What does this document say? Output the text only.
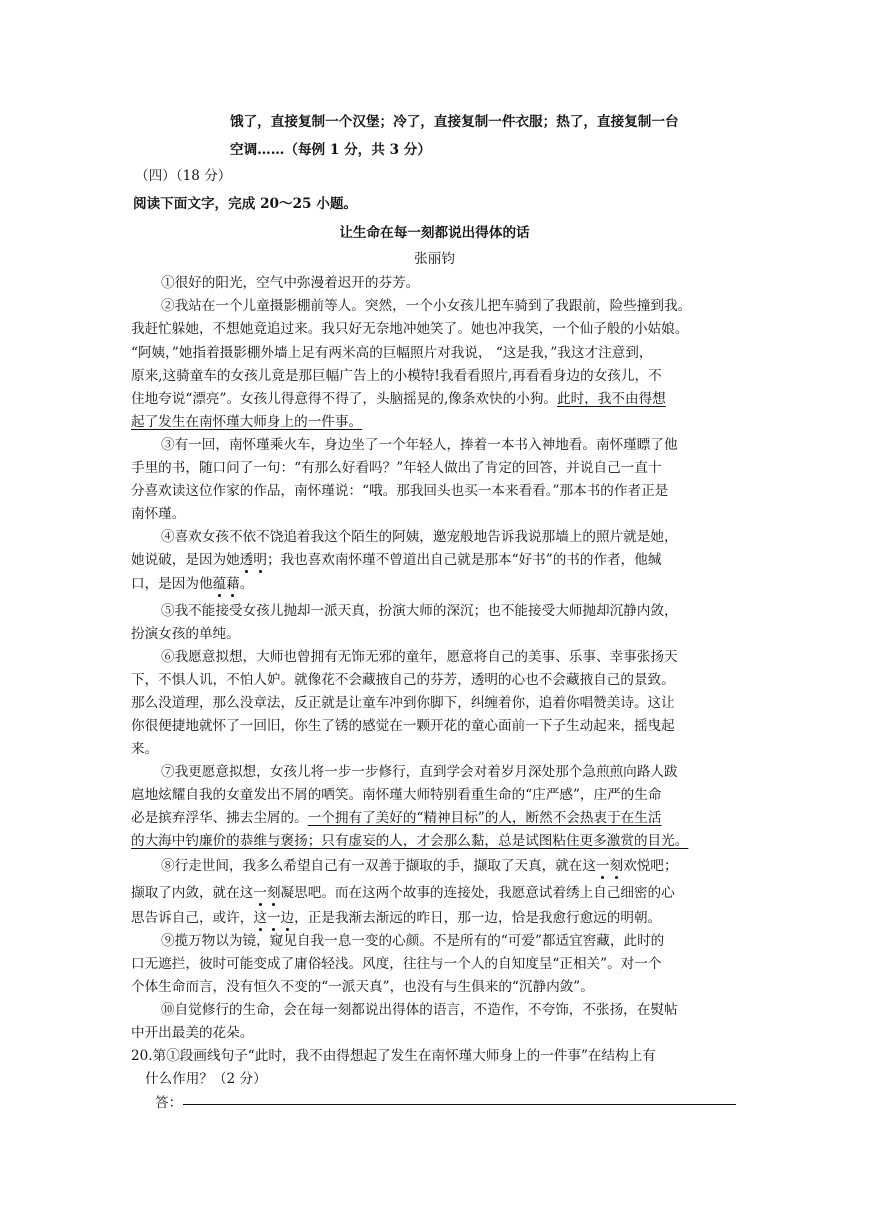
饿了，直接复制一个汉堡；冷了，直接复制一件衣服；热了，直接复制一台
空调……（每例 1 分，共 3 分）
（四）（18 分）
阅读下面文字，完成 20～25 小题。
让生命在每一刻都说出得体的话
张丽钧
①很好的阳光，空气中弥漫着迟开的芬芳。
②我站在一个儿童摄影棚前等人。突然，一个小女孩儿把车骑到了我跟前，险些撞到我。
我赶忙躲她，不想她竟追过来。我只好无奈地冲她笑了。她也冲我笑，一个仙子般的小姑娘。
“阿姨，”她指着摄影棚外墙上足有两米高的巨幅照片对我说， “这是我，”我这才注意到，
原来,这骑童车的女孩儿竟是那巨幅广告上的小模特!我看看照片,再看看身边的女孩儿，不
住地夸说“漂亮”。女孩儿得意得不得了，头脑摇晃的,像条欢快的小狗。此时，我不由得想
起了发生在南怀瑾大师身上的一件事。
③有一回，南怀瑾乘火车，身边坐了一个年轻人，捧着一本书入神地看。南怀瑾瞟了他
手里的书，随口问了一句：“有那么好看吗？”年轻人做出了肯定的回答，并说自己一直十
分喜欢读这位作家的作品，南怀瑾说：“哦。那我回头也买一本来看看。”那本书的作者正是
南怀瑾。
④喜欢女孩不依不饶追着我这个陌生的阿姨，邀宠般地告诉我说那墙上的照片就是她，
她说破，是因为她透明；我也喜欢南怀瑾不曾道出自己就是那本“好书”的书的作者，他缄
口，是因为他蕴藉。
⑤我不能接受女孩儿抛却一派天真，扮演大师的深沉；也不能接受大师抛却沉静内敛，
扮演女孩的单纯。
⑥我愿意拟想，大师也曾拥有无饰无邪的童年，愿意将自己的美事、乐事、幸事张扬天
下，不惧人讥，不怕人妒。就像花不会藏掖自己的芬芳，透明的心也不会藏掖自己的景致。
那么没道理，那么没章法，反正就是让童车冲到你脚下，纠缠着你，追着你唱赞美诗。这让
你很便捷地就怀了一回旧，你生了锈的感觉在一颗开花的童心面前一下子生动起来，摇曳起
来。
⑦我更愿意拟想，女孩儿将一步一步修行，直到学会对着岁月深处那个急煎煎向路人跋
扈地炫耀自我的女童发出不屑的哂笑。南怀瑾大师特别看重生命的“庄严感”，庄严的生命
必是摈弃浮华、拂去尘屑的。一个拥有了美好的“精神目标”的人，断然不会热衷于在生活
的大海中钓廉价的恭维与褒扬；只有虚妄的人，才会那么黏，总是试图粘住更多激赏的目光。
⑧行走世间，我多么希望自己有一双善于撷取的手，撷取了天真，就在这一刻欢悦吧；
撷取了内敛，就在这一刻凝思吧。而在这两个故事的连接处，我愿意试着绣上自己细密的心
思告诉自己，或许，这一边，正是我渐去渐远的昨日，那一边，恰是我愈行愈远的明朝。
⑨揽万物以为镜，窥见自我一息一变的心颜。不是所有的“可爱”都适宜窖藏，此时的
口无遮拦，彼时可能变成了庸俗轻浅。风度，往往与一个人的自知度呈“正相关”。对一个
个体生命而言，没有恒久不变的“一派天真”，也没有与生俱来的“沉静内敛”。
⑩自觉修行的生命，会在每一刻都说出得体的语言，不造作，不夸饰，不张扬，在熨帖
中开出最美的花朵。
20.第①段画线句子“此时，我不由得想起了发生在南怀瑾大师身上的一件事”在结构上有
什么作用？（2 分）
答：
